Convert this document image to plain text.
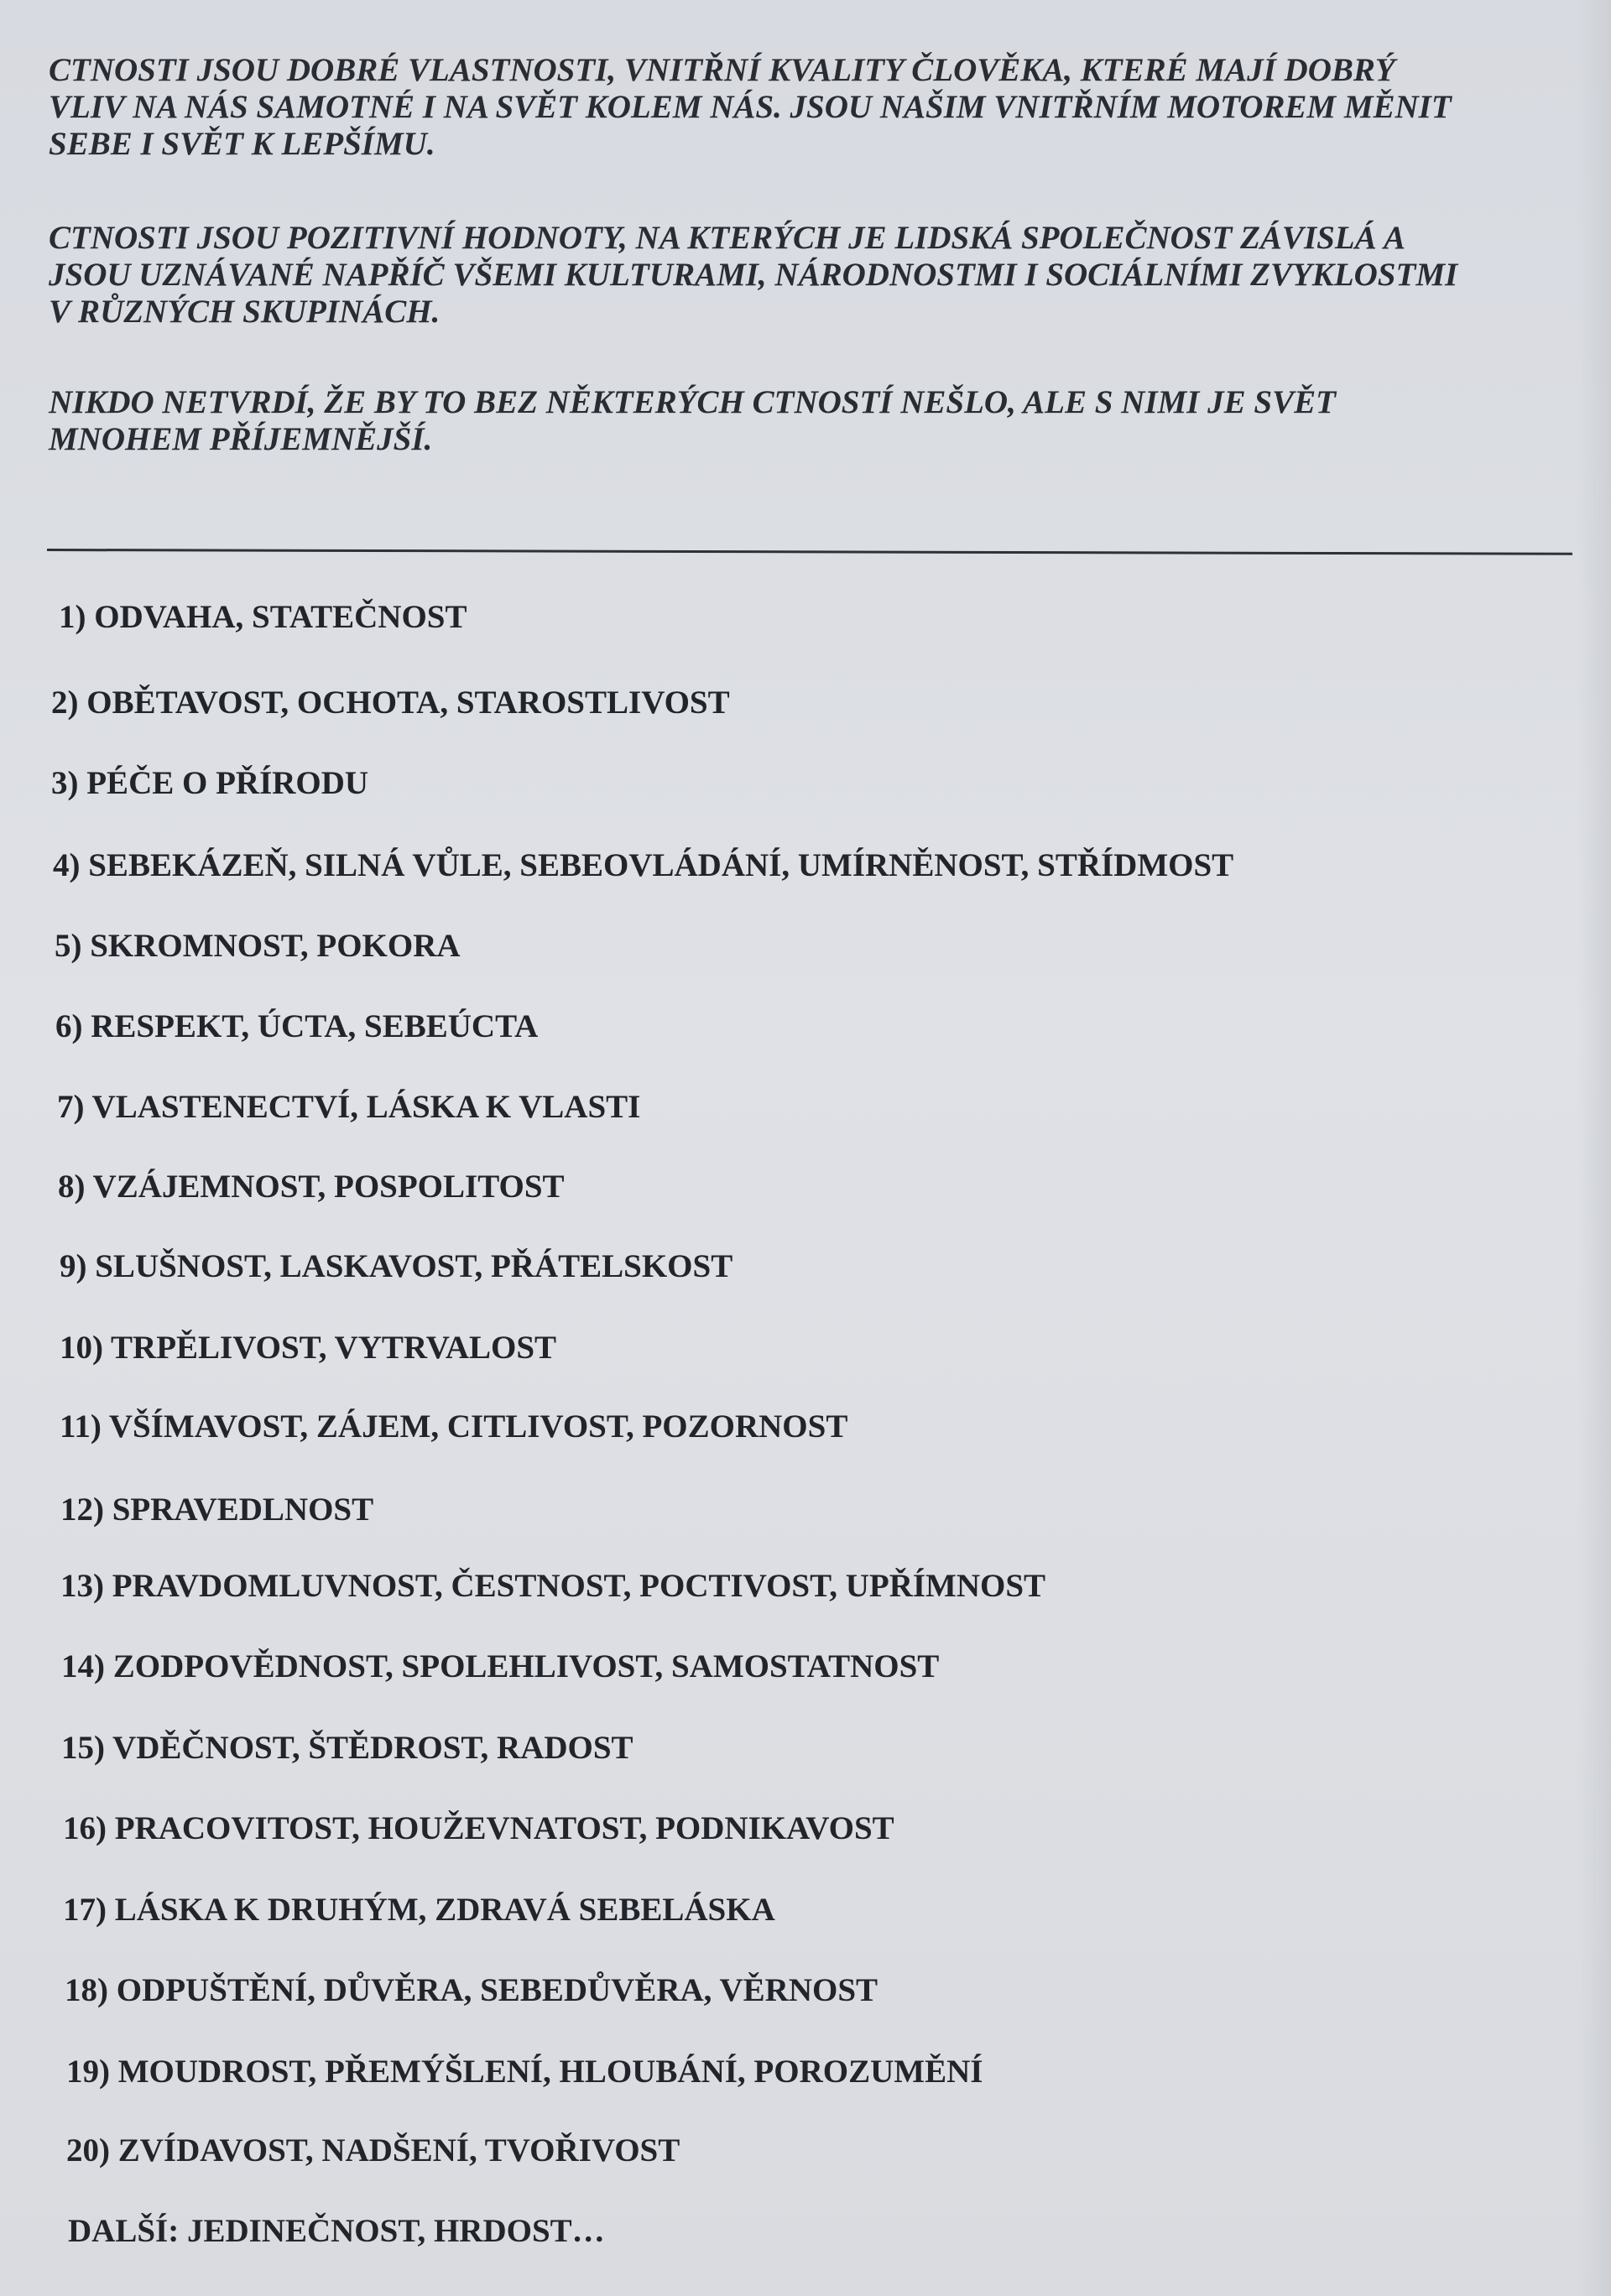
CTNOSTI JSOU DOBRÉ VLASTNOSTI, VNITŘNÍ KVALITY ČLOVĚKA, KTERÉ MAJÍ DOBRÝ
VLIV NA NÁS SAMOTNÉ I NA SVĚT KOLEM NÁS. JSOU NAŠIM VNITŘNÍM MOTOREM MĚNIT
SEBE I SVĚT K LEPŠÍMU.

CTNOSTI JSOU POZITIVNÍ HODNOTY, NA KTERÝCH JE LIDSKÁ SPOLEČNOST ZÁVISLÁ A
JSOU UZNÁVANÉ NAPŘÍČ VŠEMI KULTURAMI, NÁRODNOSTMI I SOCIÁLNÍMI ZVYKLOSTMI
V RŮZNÝCH SKUPINÁCH.

NIKDO NETVRDÍ, ŽE BY TO BEZ NĚKTERÝCH CTNOSTÍ NEŠLO, ALE S NIMI JE SVĚT
MNOHEM PŘÍJEMNĚJŠÍ.

1) ODVAHA, STATEČNOST
2) OBĚTAVOST, OCHOTA, STAROSTLIVOST
3) PÉČE O PŘÍRODU
4) SEBEKÁZEŇ, SILNÁ VŮLE, SEBEOVLÁDÁNÍ, UMÍRNĚNOST, STŘÍDMOST
5) SKROMNOST, POKORA
6) RESPEKT, ÚCTA, SEBEÚCTA
7) VLASTENECTVÍ, LÁSKA K VLASTI
8) VZÁJEMNOST, POSPOLITOST
9) SLUŠNOST, LASKAVOST, PŘÁTELSKOST
10) TRPĚLIVOST, VYTRVALOST
11) VŠÍMAVOST, ZÁJEM, CITLIVOST, POZORNOST
12) SPRAVEDLNOST
13) PRAVDOMLUVNOST, ČESTNOST, POCTIVOST, UPŘÍMNOST
14) ZODPOVĚDNOST, SPOLEHLIVOST, SAMOSTATNOST
15) VDĚČNOST, ŠTĚDROST, RADOST
16) PRACOVITOST, HOUŽEVNATOST, PODNIKAVOST
17) LÁSKA K DRUHÝM, ZDRAVÁ SEBELÁSKA
18) ODPUŠTĚNÍ, DŮVĚRA, SEBEDŮVĚRA, VĚRNOST
19) MOUDROST, PŘEMÝŠLENÍ, HLOUBÁNÍ, POROZUMĚNÍ
20) ZVÍDAVOST, NADŠENÍ, TVOŘIVOST
DALŠÍ: JEDINEČNOST, HRDOST…
